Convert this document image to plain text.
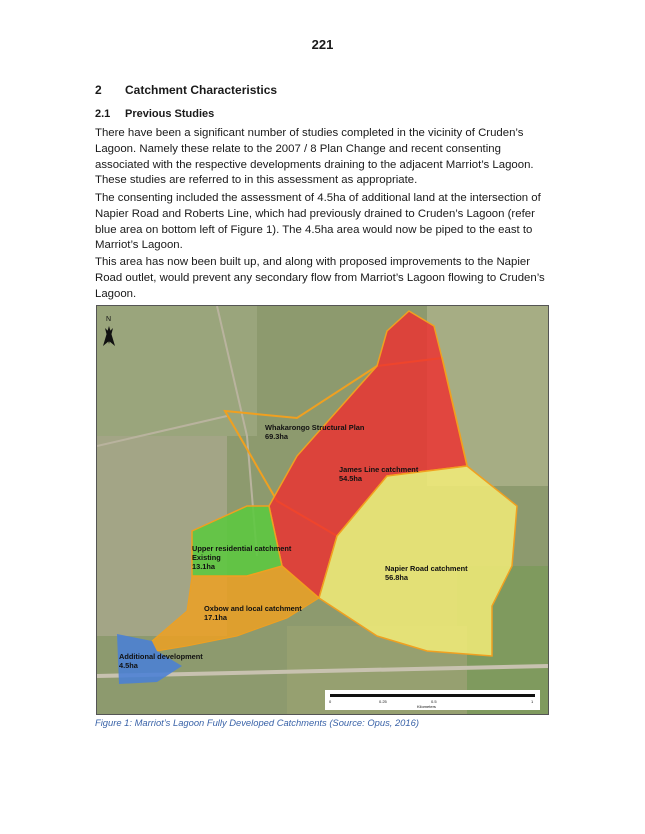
221
2 Catchment Characteristics
2.1 Previous Studies

There have been a significant number of studies completed in the vicinity of Cruden’s Lagoon. Namely these relate to the 2007 / 8 Plan Change and recent consenting associated with the respective developments draining to the adjacent Marriot’s Lagoon. These studies are referred to in this assessment as appropriate.

The consenting included the assessment of 4.5ha of additional land at the intersection of Napier Road and Roberts Line, which had previously drained to Cruden’s Lagoon (refer blue area on bottom left of Figure 1). The 4.5ha area would now be piped to the east to Marriot’s Lagoon.

This area has now been built up, and along with proposed improvements to the Napier Road outlet, would prevent any secondary flow from Marriot’s Lagoon flowing to Cruden’s Lagoon.

Whakarongo Structural Plan
69.3ha
James Line catchment
54.5ha
Napier Road catchment
56.8ha
Upper residential catchment
Existing
13.1ha
Oxbow and local catchment
17.1ha
Additional development
4.5ha
N
0	0.25	0.5	1
Kilometers
Figure 1: Marriot’s Lagoon Fully Developed Catchments (Source: Opus, 2016)
